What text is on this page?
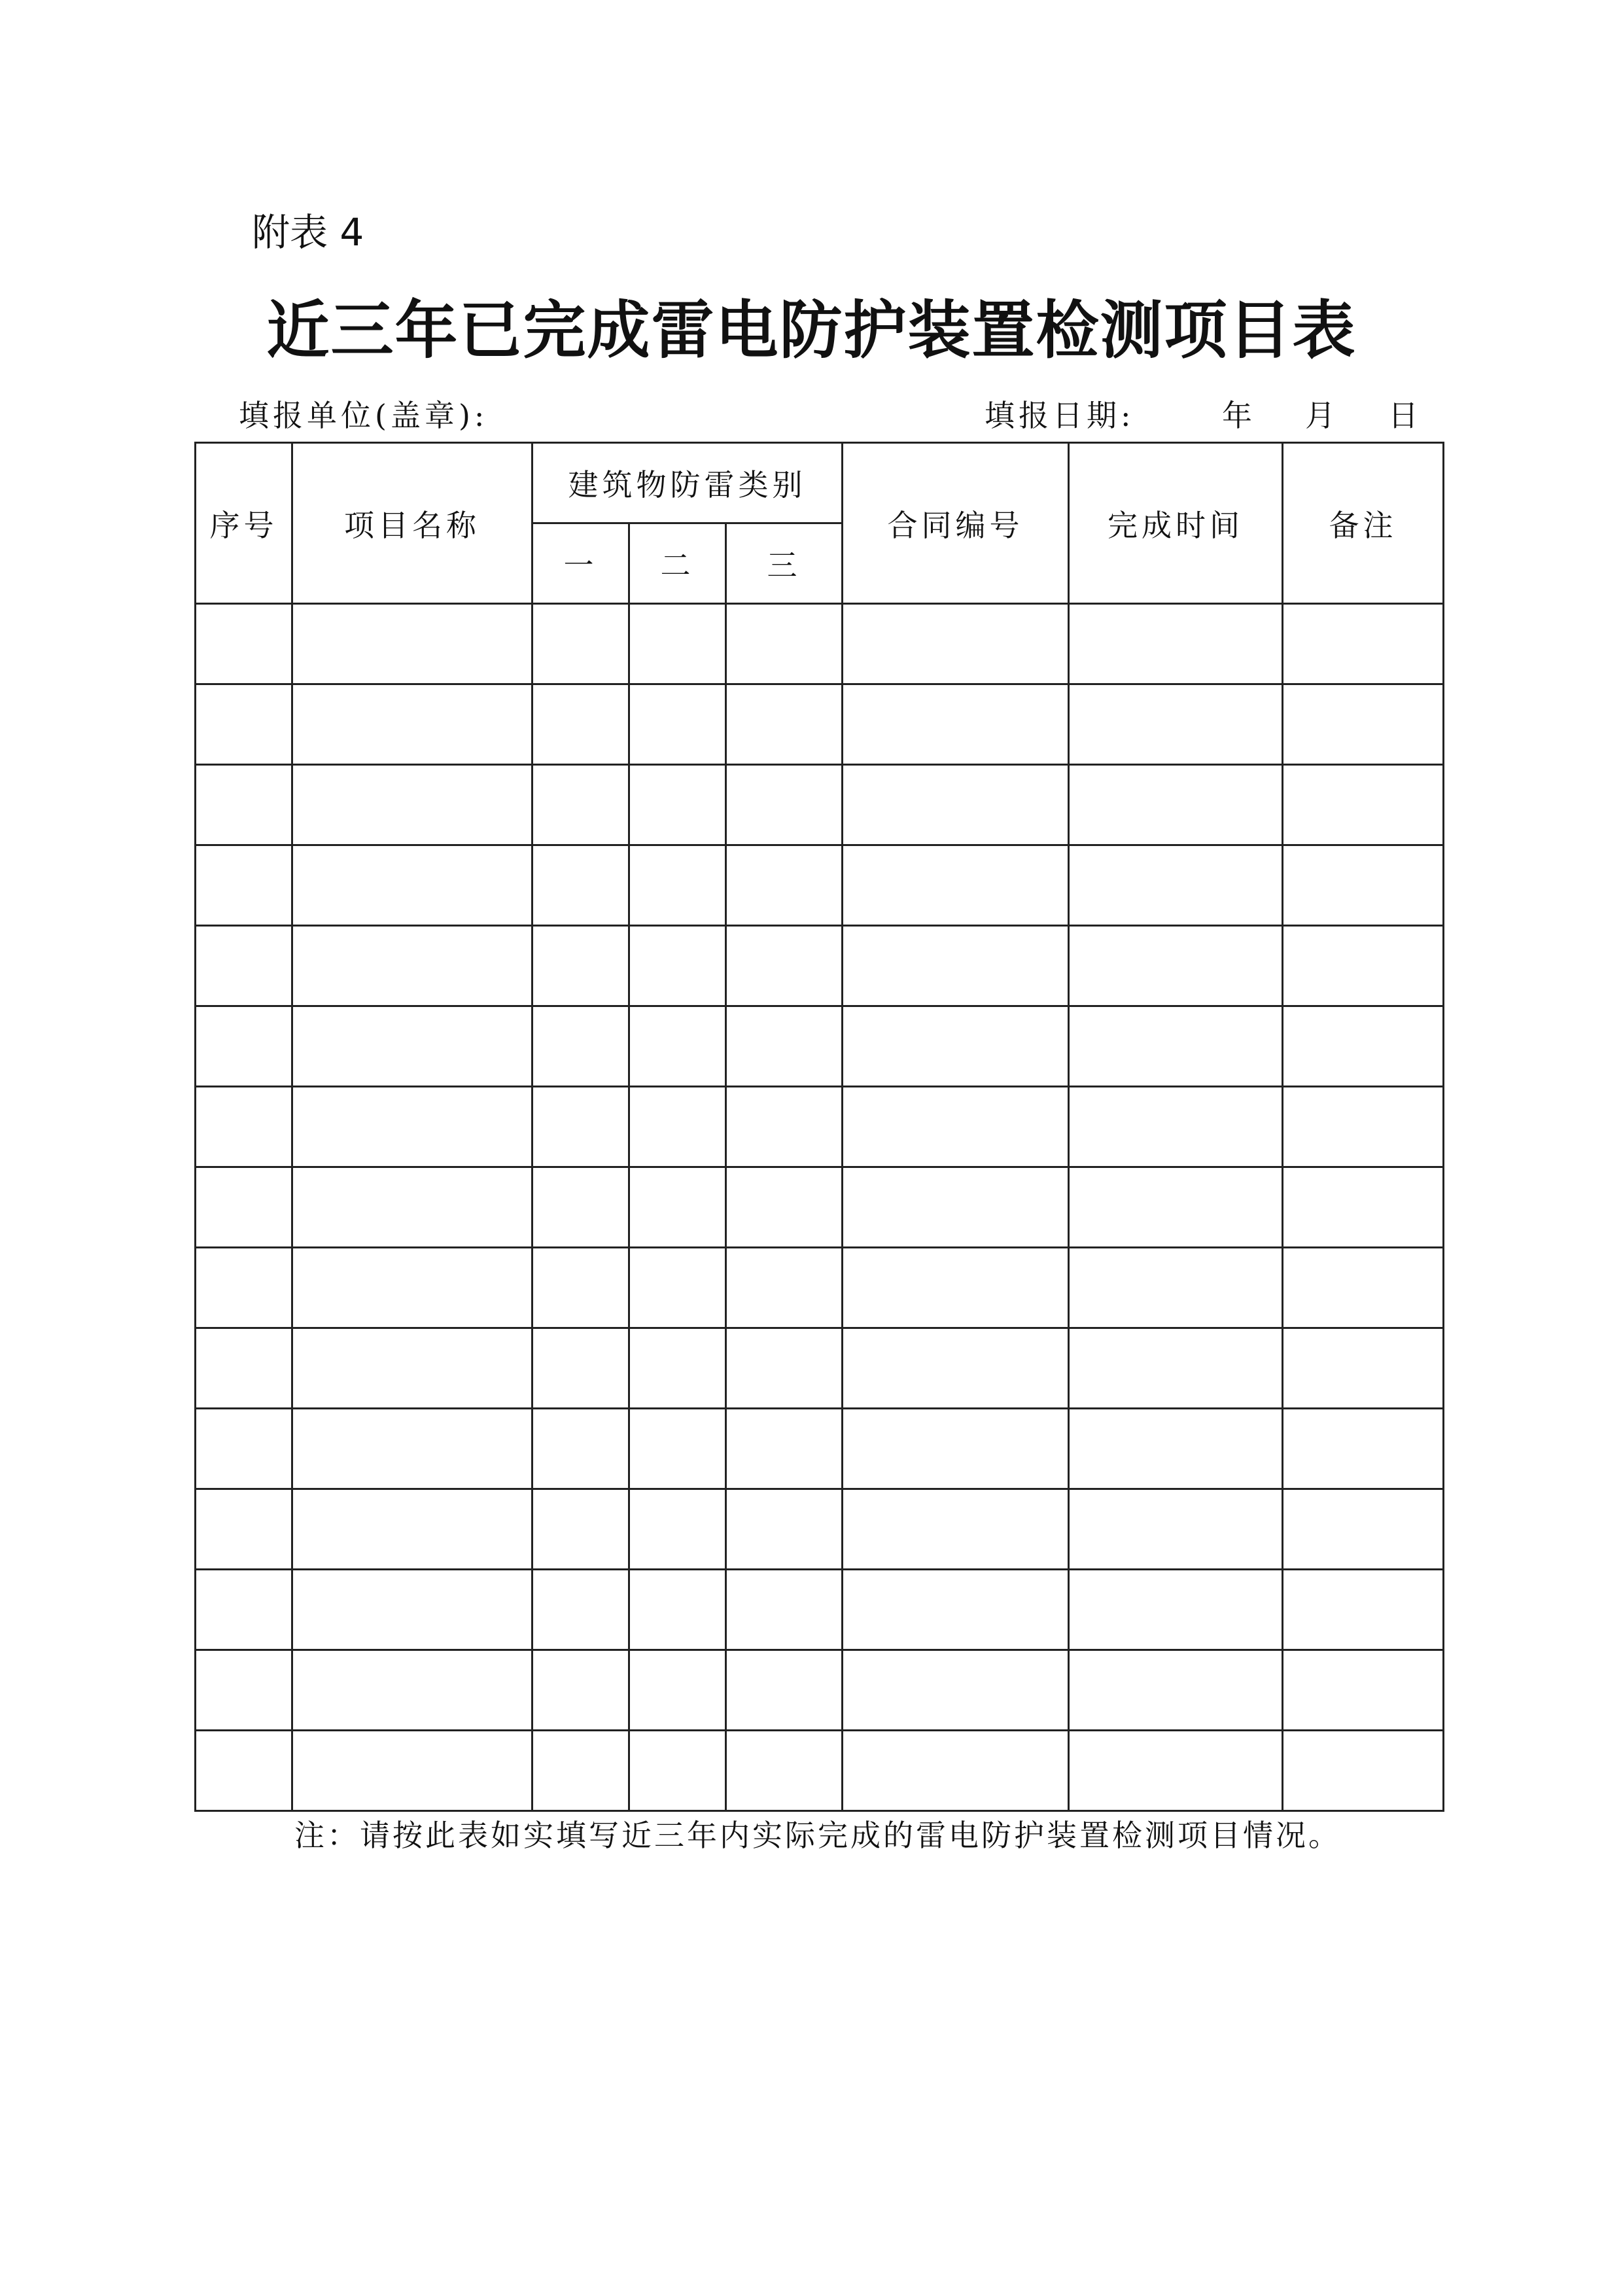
附表 4
近三年已完成雷电防护装置检测项目表
填报单位(盖章):	填报日期:	年 月 日
序号	项目名称	建筑物防雷类别			合同编号	完成时间	备注
		一	二	三			

注：请按此表如实填写近三年内实际完成的雷电防护装置检测项目情况。
